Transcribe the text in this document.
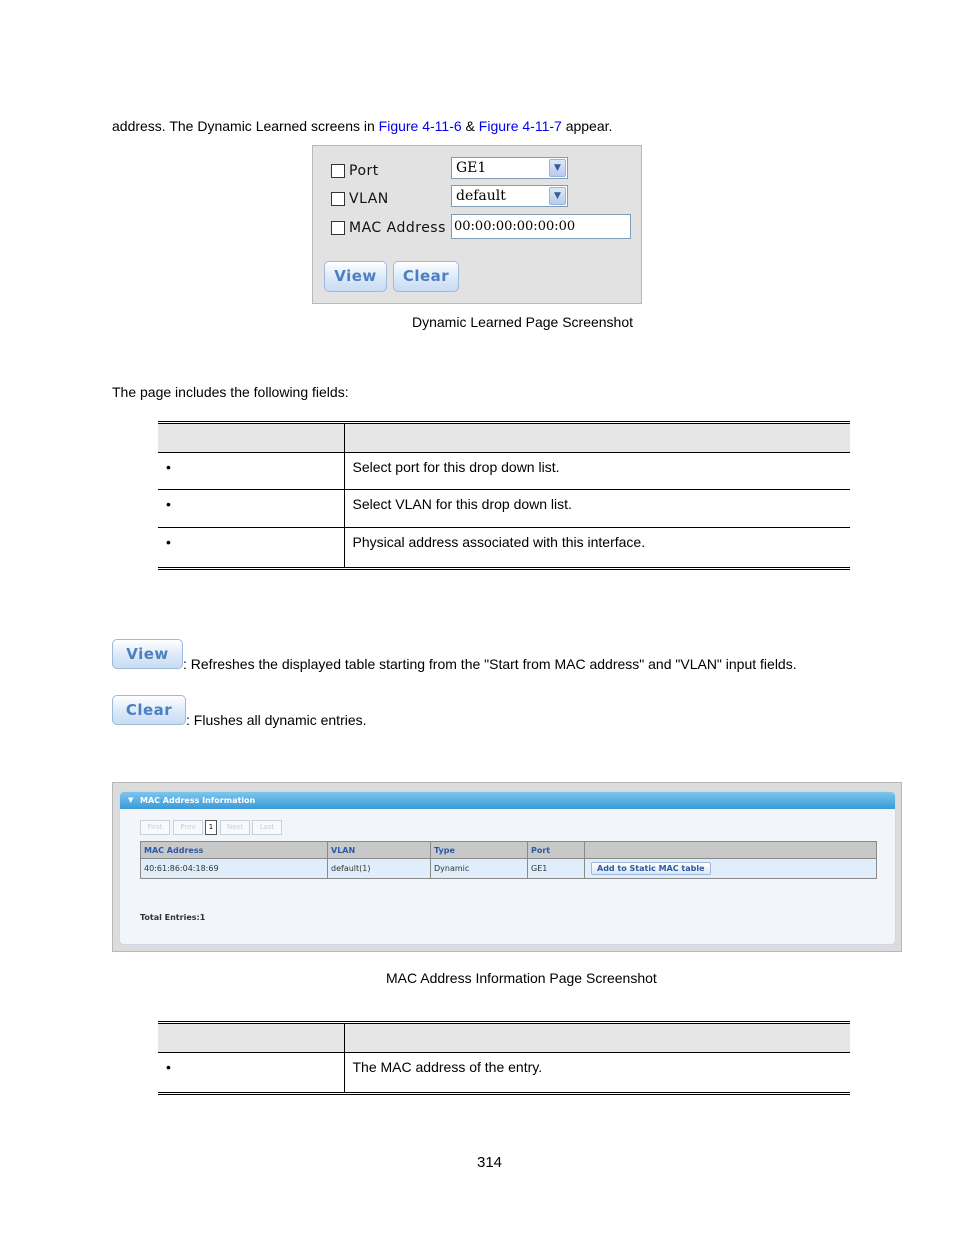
address. The Dynamic Learned screens in Figure 4-11-6 & Figure 4-11-7 appear.
Port	GE1	▼
VLAN	default	▼
MAC Address 00:00:00:00:00:00
View	Clear
Dynamic Learned Page Screenshot
The page includes the following fields:

•	Select port for this drop down list.
•	Select VLAN for this drop down list.
•	Physical address associated with this interface.
View
: Refreshes the displayed table starting from the "Start from MAC address" and "VLAN" input fields.
Clear
: Flushes all dynamic entries.
▼ MAC Address Information
First	Prev	1	Next	Last
MAC Address	VLAN	Type	Port	
40:61:86:04:18:69	default(1)	Dynamic	GE1	Add to Static MAC table
Total Entries:1
MAC Address Information Page Screenshot

•	The MAC address of the entry.
314
